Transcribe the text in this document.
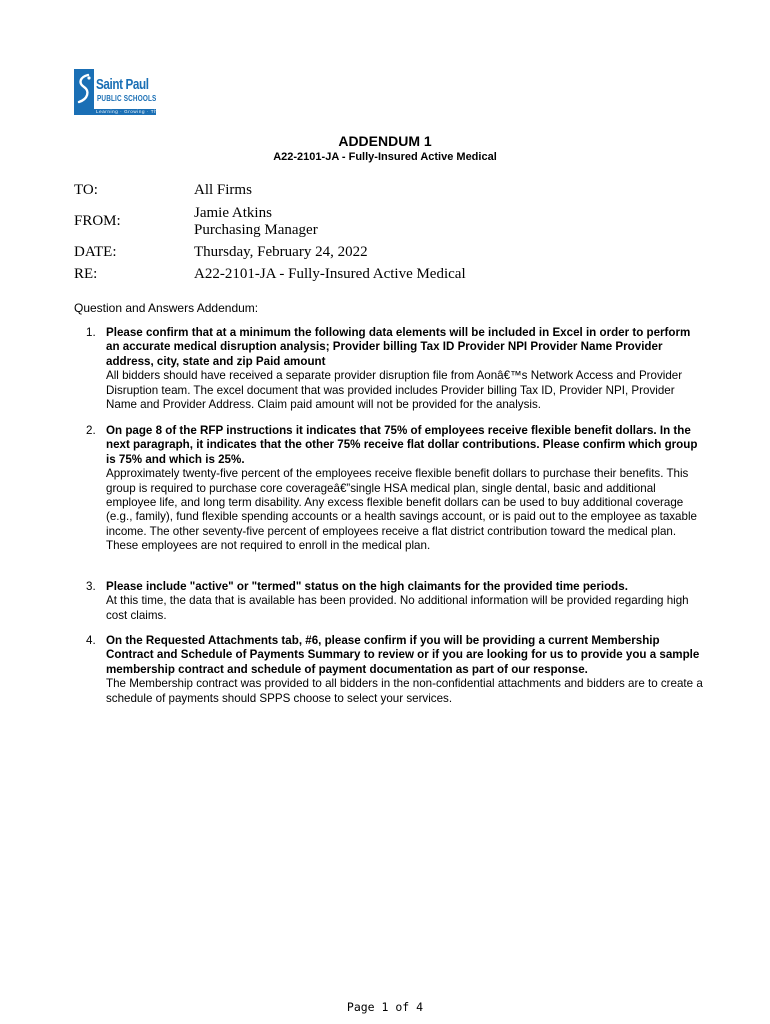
Saint Paul
PUBLIC SCHOOLS
Learning · Growing · Thriving
ADDENDUM 1
A22-2101-JA - Fully-Insured Active Medical
TO:	All Firms
FROM:	Jamie Atkins
Purchasing Manager
DATE:	Thursday, February 24, 2022
RE:	A22-2101-JA - Fully-Insured Active Medical
Question and Answers Addendum:
1. Please confirm that at a minimum the following data elements will be included in Excel in order to perform an accurate medical disruption analysis; Provider billing Tax ID Provider NPI Provider Name Provider address, city, state and zip Paid amount
All bidders should have received a separate provider disruption file from Aonâ€™s Network Access and Provider Disruption team. The excel document that was provided includes Provider billing Tax ID, Provider NPI, Provider Name and Provider Address. Claim paid amount will not be provided for the analysis.
2. On page 8 of the RFP instructions it indicates that 75% of employees receive flexible benefit dollars. In the next paragraph, it indicates that the other 75% receive flat dollar contributions. Please confirm which group is 75% and which is 25%.
Approximately twenty-five percent of the employees receive flexible benefit dollars to purchase their benefits. This group is required to purchase core coverageâ€”single HSA medical plan, single dental, basic and additional employee life, and long term disability. Any excess flexible benefit dollars can be used to buy additional coverage (e.g., family), fund flexible spending accounts or a health savings account, or is paid out to the employee as taxable income. The other seventy-five percent of employees receive a flat district contribution toward the medical plan. These employees are not required to enroll in the medical plan.
3. Please include "active" or "termed" status on the high claimants for the provided time periods.
At this time, the data that is available has been provided. No additional information will be provided regarding high cost claims.
4. On the Requested Attachments tab, #6, please confirm if you will be providing a current Membership Contract and Schedule of Payments Summary to review or if you are looking for us to provide you a sample membership contract and schedule of payment documentation as part of our response.
The Membership contract was provided to all bidders in the non-confidential attachments and bidders are to create a schedule of payments should SPPS choose to select your services.
Page 1 of 4
